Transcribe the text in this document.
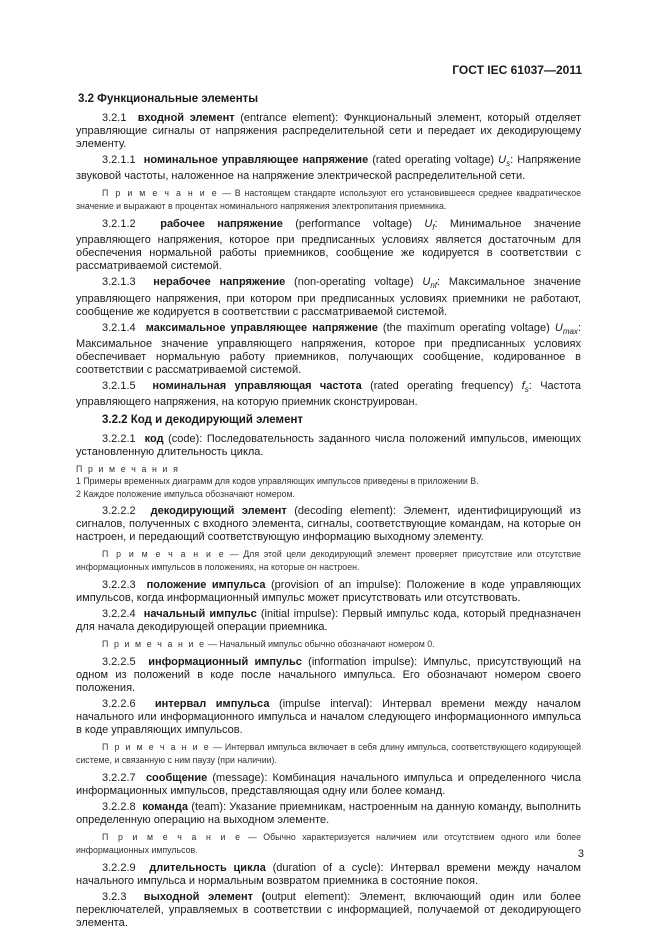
ГОСТ IEC 61037—2011
3.2 Функциональные элементы
3.2.1 входной элемент (entrance element): Функциональный элемент, который отделяет управляющие сигналы от напряжения распределительной сети и передает их декодирующему элементу.
3.2.1.1 номинальное управляющее напряжение (rated operating voltage) $U_s$: Напряжение звуковой частоты, наложенное на напряжение электрической распределительной сети.
П р и м е ч а н и е — В настоящем стандарте используют его установившееся среднее квадратическое значение и выражают в процентах номинального напряжения электропитания приемника.
3.2.1.2 рабочее напряжение (performance voltage) $U_f$: Минимальное значение управляющего напряжения, которое при предписанных условиях является достаточным для обеспечения нормальной работы приемников, сообщение же кодируется в соответствии с рассматриваемой системой.
3.2.1.3 нерабочее напряжение (non-operating voltage) $U_{nf}$: Максимальное значение управляющего напряжения, при котором при предписанных условиях приемники не работают, сообщение же кодируется в соответствии с рассматриваемой системой.
3.2.1.4 максимальное управляющее напряжение (the maximum operating voltage) $U_{max}$: Максимальное значение управляющего напряжения, которое при предписанных условиях обеспечивает нормальную работу приемников, получающих сообщение, кодированное в соответствии с рассматриваемой системой.
3.2.1.5 номинальная управляющая частота (rated operating frequency) $f_s$: Частота управляющего напряжения, на которую приемник сконструирован.
3.2.2 Код и декодирующий элемент
3.2.2.1 код (code): Последовательность заданного числа положений импульсов, имеющих установленную длительность цикла.
П р и м е ч а н и я
1 Примеры временных диаграмм для кодов управляющих импульсов приведены в приложении В.
2 Каждое положение импульса обозначают номером.
3.2.2.2 декодирующий элемент (decoding element): Элемент, идентифицирующий из сигналов, полученных с входного элемента, сигналы, соответствующие командам, на которые он настроен, и передающий соответствующую информацию выходному элементу.
П р и м е ч а н и е — Для этой цели декодирующий элемент проверяет присутствие или отсутствие информационных импульсов в положениях, на которые он настроен.
3.2.2.3 положение импульса (provision of an impulse): Положение в коде управляющих импульсов, когда информационный импульс может присутствовать или отсутствовать.
3.2.2.4 начальный импульс (initial impulse): Первый импульс кода, который предназначен для начала декодирующей операции приемника.
П р и м е ч а н и е — Начальный импульс обычно обозначают номером 0.
3.2.2.5 информационный импульс (information impulse): Импульс, присутствующий на одном из положений в коде после начального импульса. Его обозначают номером своего положения.
3.2.2.6 интервал импульса (impulse interval): Интервал времени между началом начального или информационного импульса и началом следующего информационного импульса в коде управляющих импульсов.
П р и м е ч а н и е — Интервал импульса включает в себя длину импульса, соответствующего кодирующей системе, и связанную с ним паузу (при наличии).
3.2.2.7 сообщение (message): Комбинация начального импульса и определенного числа информационных импульсов, представляющая одну или более команд.
3.2.2.8 команда (team): Указание приемникам, настроенным на данную команду, выполнить определенную операцию на выходном элементе.
П р и м е ч а н и е — Обычно характеризуется наличием или отсутствием одного или более информационных импульсов.
3.2.2.9 длительность цикла (duration of a cycle): Интервал времени между началом начального импульса и нормальным возвратом приемника в состояние покоя.
3.2.3 выходной элемент (output element): Элемент, включающий один или более переключателей, управляемых в соответствии с информацией, получаемой от декодирующего элемента.
3
